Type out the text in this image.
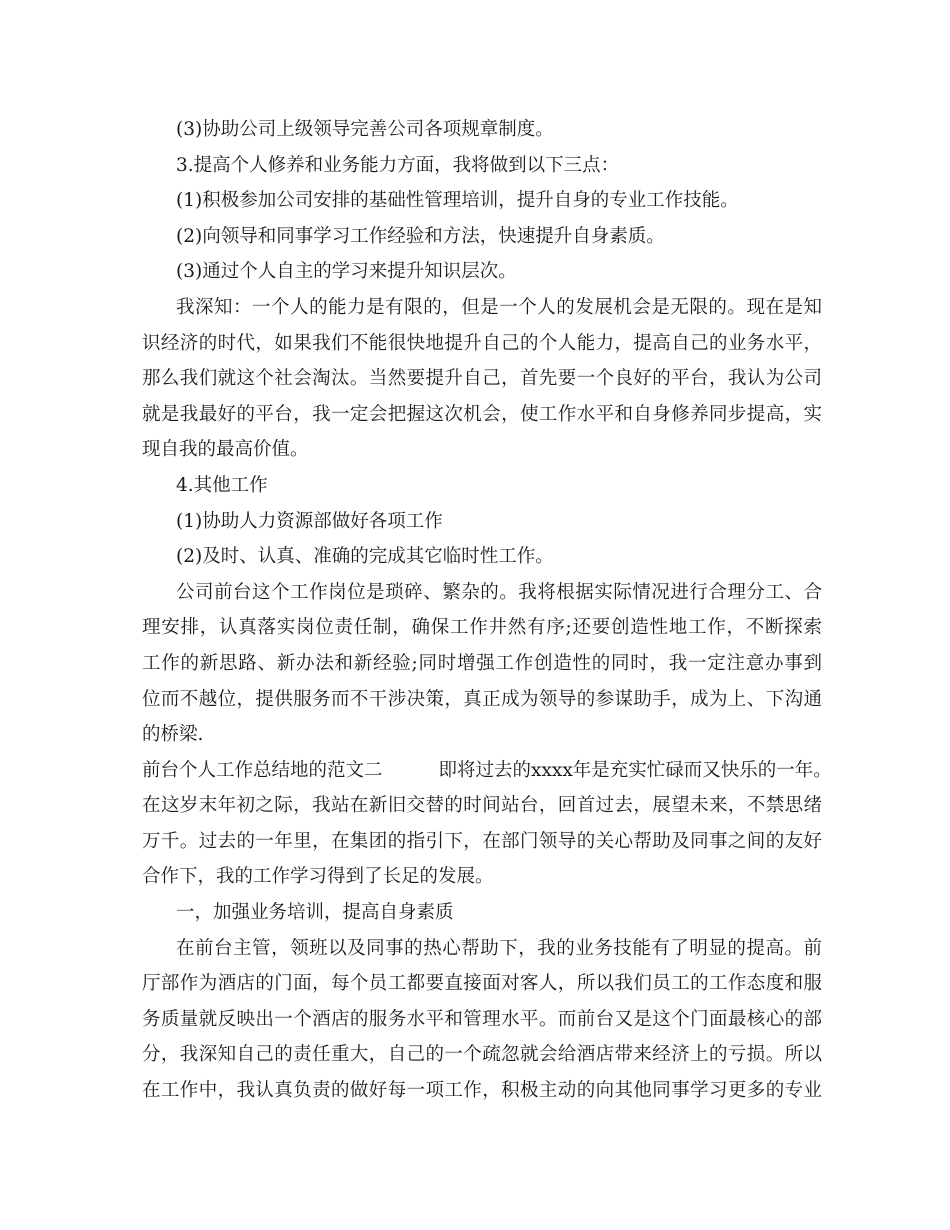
(3)协助公司上级领导完善公司各项规章制度。
3.提高个人修养和业务能力方面，我将做到以下三点：
(1)积极参加公司安排的基础性管理培训，提升自身的专业工作技能。
(2)向领导和同事学习工作经验和方法，快速提升自身素质。
(3)通过个人自主的学习来提升知识层次。
我深知：一个人的能力是有限的，但是一个人的发展机会是无限的。现在是知
识经济的时代，如果我们不能很快地提升自己的个人能力，提高自己的业务水平，
那么我们就这个社会淘汰。当然要提升自己，首先要一个良好的平台，我认为公司
就是我最好的平台，我一定会把握这次机会，使工作水平和自身修养同步提高，实
现自我的最高价值。
4.其他工作
(1)协助人力资源部做好各项工作
(2)及时、认真、准确的完成其它临时性工作。
公司前台这个工作岗位是琐碎、繁杂的。我将根据实际情况进行合理分工、合
理安排，认真落实岗位责任制，确保工作井然有序;还要创造性地工作，不断探索
工作的新思路、新办法和新经验;同时增强工作创造性的同时，我一定注意办事到
位而不越位，提供服务而不干涉决策，真正成为领导的参谋助手，成为上、下沟通
的桥梁.
前台个人工作总结地的范文二	即将过去的xxxx年是充实忙碌而又快乐的一年。
在这岁末年初之际，我站在新旧交替的时间站台，回首过去，展望未来，不禁思绪
万千。过去的一年里，在集团的指引下，在部门领导的关心帮助及同事之间的友好
合作下，我的工作学习得到了长足的发展。
一，加强业务培训，提高自身素质
在前台主管，领班以及同事的热心帮助下，我的业务技能有了明显的提高。前
厅部作为酒店的门面，每个员工都要直接面对客人，所以我们员工的工作态度和服
务质量就反映出一个酒店的服务水平和管理水平。而前台又是这个门面最核心的部
分，我深知自己的责任重大，自己的一个疏忽就会给酒店带来经济上的亏损。所以
在工作中，我认真负责的做好每一项工作，积极主动的向其他同事学习更多的专业
